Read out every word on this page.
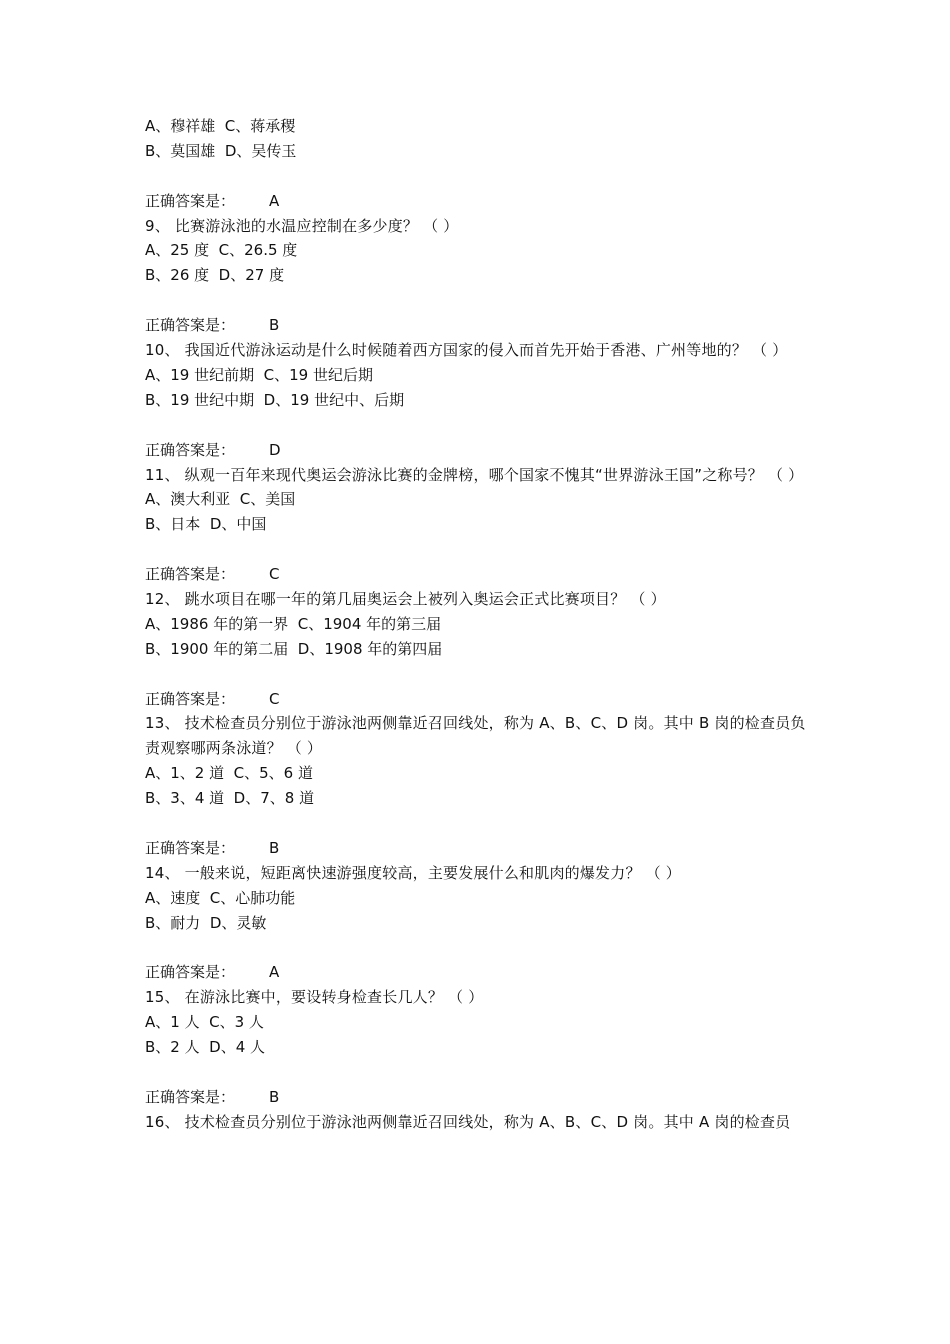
A、穆祥雄  C、蒋承稷
B、莫国雄  D、吴传玉
正确答案是： A
9、 比赛游泳池的水温应控制在多少度？ （ ）
A、25 度  C、26.5 度
B、26 度  D、27 度
正确答案是： B
10、 我国近代游泳运动是什么时候随着西方国家的侵入而首先开始于香港、广州等地的？ （ ）
A、19 世纪前期  C、19 世纪后期
B、19 世纪中期  D、19 世纪中、后期
正确答案是： D
11、 纵观一百年来现代奥运会游泳比赛的金牌榜，哪个国家不愧其“世界游泳王国”之称号？ （ ）
A、澳大利亚  C、美国
B、日本  D、中国
正确答案是： C
12、 跳水项目在哪一年的第几届奥运会上被列入奥运会正式比赛项目？ （ ）
A、1986 年的第一界  C、1904 年的第三届
B、1900 年的第二届  D、1908 年的第四届
正确答案是： C
13、 技术检查员分别位于游泳池两侧靠近召回线处，称为 A、B、C、D 岗。其中 B 岗的检查员负责观察哪两条泳道？ （ ）
A、1、2 道  C、5、6 道
B、3、4 道  D、7、8 道
正确答案是： B
14、 一般来说，短距离快速游强度较高，主要发展什么和肌肉的爆发力？ （ ）
A、速度  C、心肺功能
B、耐力  D、灵敏
正确答案是： A
15、 在游泳比赛中，要设转身检查长几人？ （ ）
A、1 人  C、3 人
B、2 人  D、4 人
正确答案是： B
16、 技术检查员分别位于游泳池两侧靠近召回线处，称为 A、B、C、D 岗。其中 A 岗的检查员
